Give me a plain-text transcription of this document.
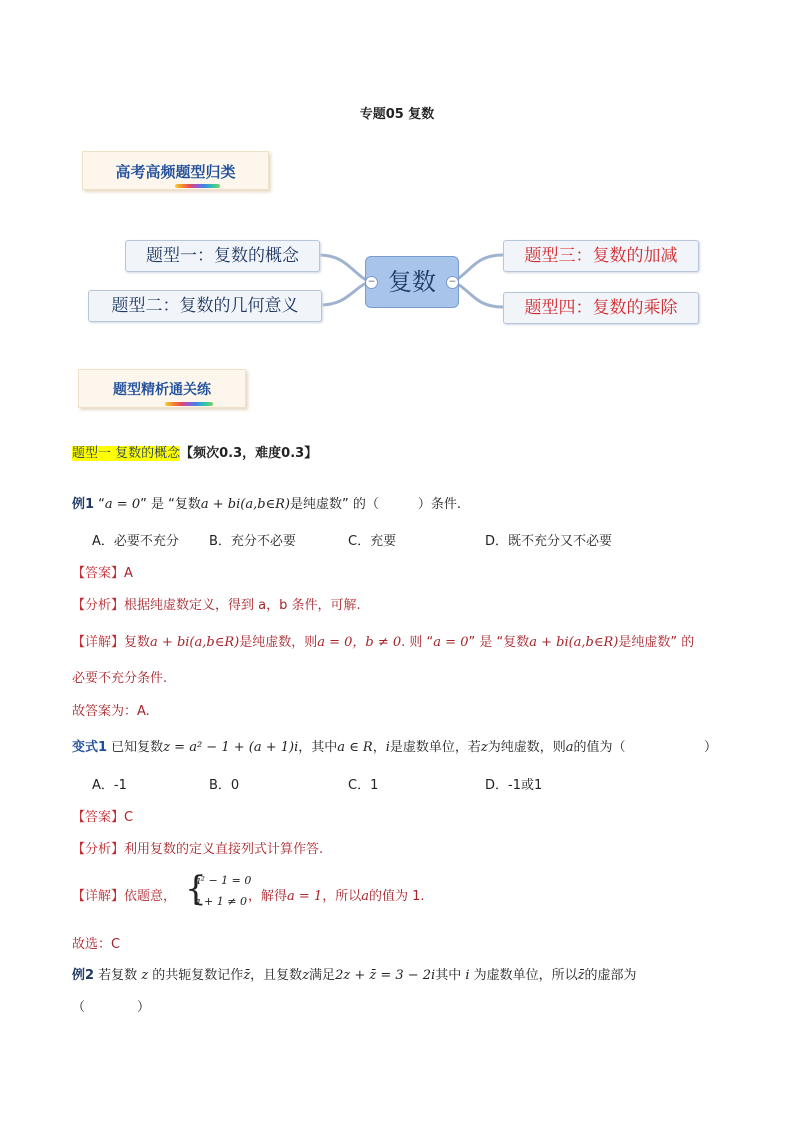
专题05 复数
高考高频题型归类
题型一：复数的概念
题型二：复数的几何意义
题型三：复数的加减
题型四：复数的乘除
复数
−	−
题型精析通关练
题型一 复数的概念【频次0.3，难度0.3】
例1 “a = 0” 是 “复数a + bi(a,b∈R)是纯虚数” 的（　　　）条件.
A．必要不充分 B．充分不必要	C．充要	D．既不充分又不必要
【答案】A
【分析】根据纯虚数定义，得到 a，b 条件，可解.
【详解】复数a + bi(a,b∈R)是纯虚数，则a = 0，b ≠ 0. 则 “a = 0” 是 “复数a + bi(a,b∈R)是纯虚数” 的
必要不充分条件.
故答案为：A.
变式1 已知复数z = a² − 1 + (a + 1)i，其中a ∈ R，i是虚数单位，若z为纯虚数，则a的值为（	）
A．-1	B．0	C．1	D．-1或1
【答案】C
【分析】利用复数的定义直接列式计算作答.
【详解】依题意， {
a² − 1 = 0
a + 1 ≠ 0 ，解得a = 1，所以a的值为 1.
故选：C
例2 若复数 z 的共轭复数记作z̄，且复数z满足2z + z̄ = 3 − 2i其中 i 为虚数单位，所以z̄的虚部为
（　　　　）
